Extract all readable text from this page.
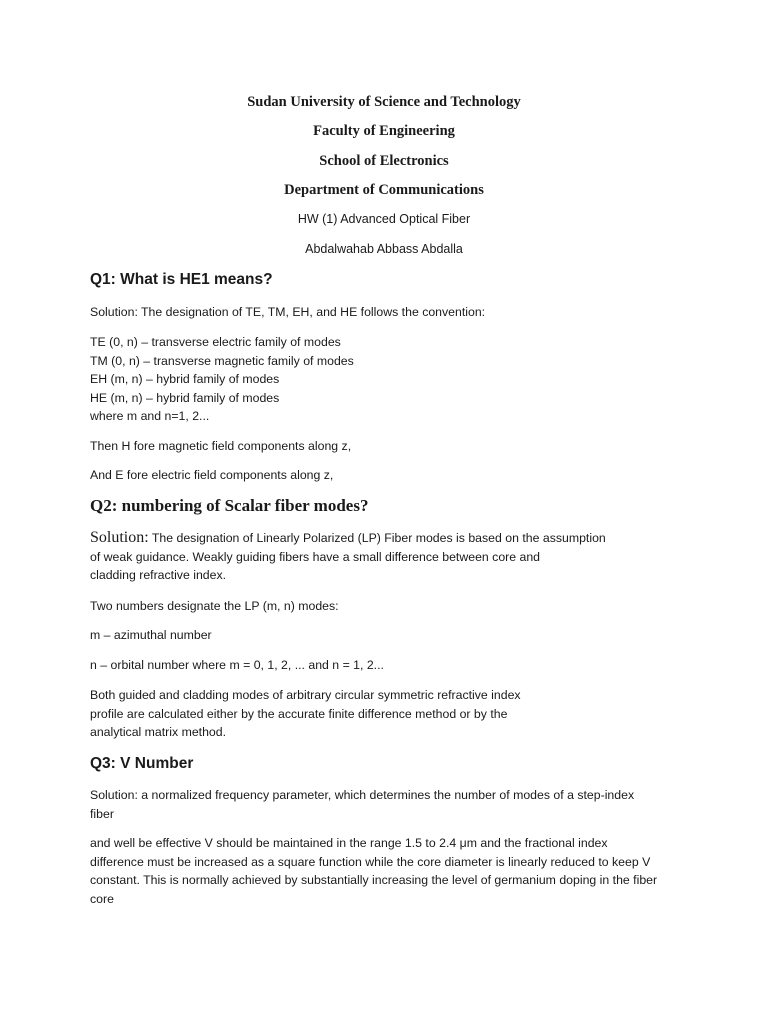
Sudan University of Science and Technology
Faculty of Engineering
School of Electronics
Department of Communications
HW (1) Advanced Optical Fiber
Abdalwahab Abbass Abdalla
Q1: What is HE1 means?
Solution: The designation of TE, TM, EH, and HE follows the convention:
TE (0, n) – transverse electric family of modes
TM (0, n) – transverse magnetic family of modes
EH (m, n) – hybrid family of modes
HE (m, n) – hybrid family of modes
where m and n=1, 2...
Then H fore magnetic field components along z,
And E fore electric field components along z,
Q2: numbering of Scalar fiber modes?
Solution: The designation of Linearly Polarized (LP) Fiber modes is based on the assumption
of weak guidance. Weakly guiding fibers have a small difference between core and
cladding refractive index.
Two numbers designate the LP (m, n) modes:
m – azimuthal number
n – orbital number where m = 0, 1, 2, ... and n = 1, 2...
Both guided and cladding modes of arbitrary circular symmetric refractive index
profile are calculated either by the accurate finite difference method or by the
analytical matrix method.
Q3: V Number
Solution: a normalized frequency parameter, which determines the number of modes of a step-index
fiber
and well be effective V should be maintained in the range 1.5 to 2.4 μm and the fractional index
difference must be increased as a square function while the core diameter is linearly reduced to keep V
constant. This is normally achieved by substantially increasing the level of germanium doping in the fiber
core
